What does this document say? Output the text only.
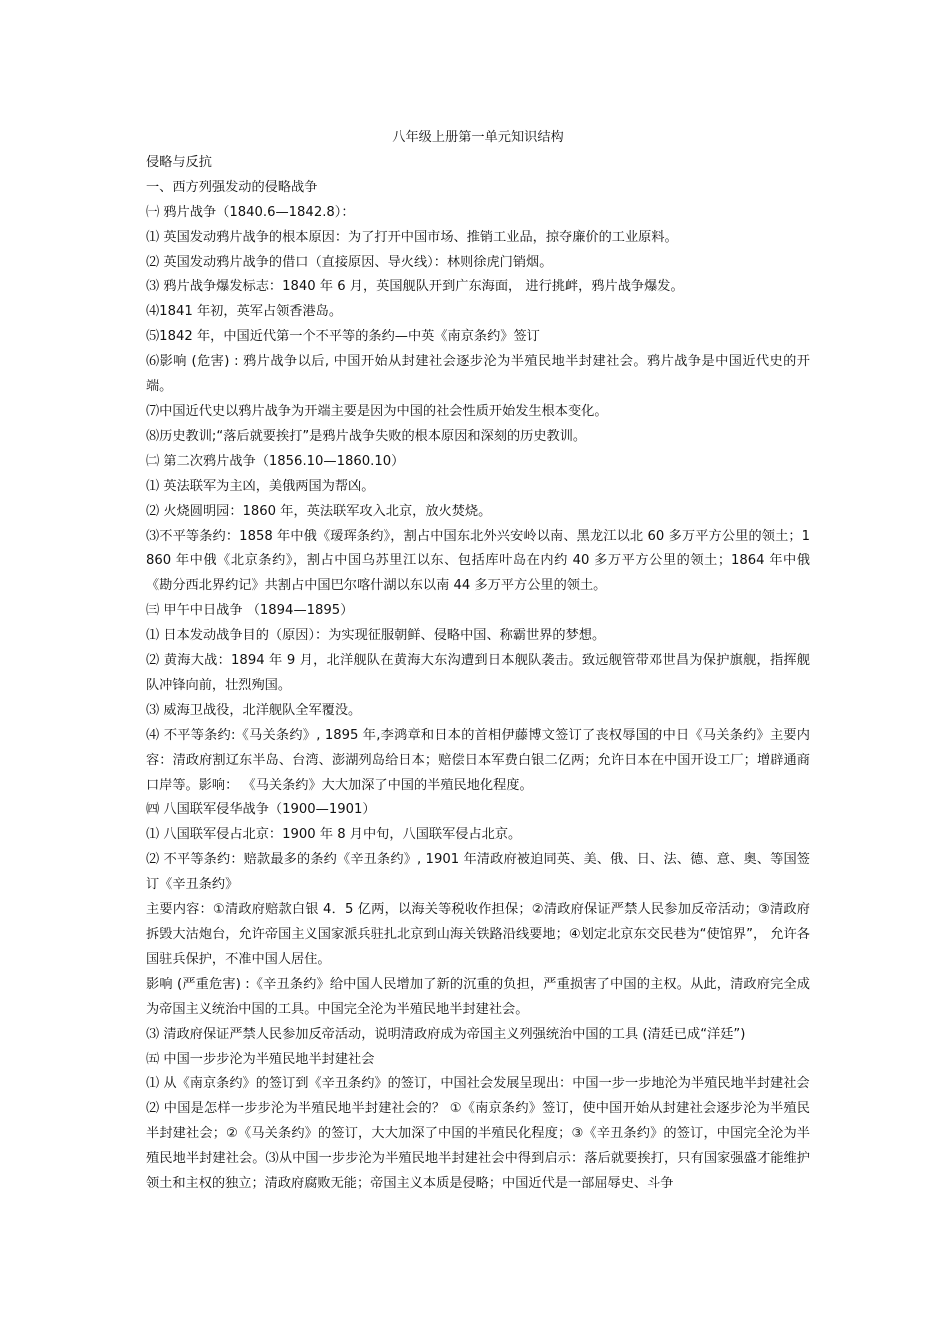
八年级上册第一单元知识结构

侵略与反抗

一、西方列强发动的侵略战争

㈠ 鸦片战争（1840.6—1842.8）：

⑴ 英国发动鸦片战争的根本原因：为了打开中国市场、推销工业品，掠夺廉价的工业原料。

⑵ 英国发动鸦片战争的借口（直接原因、导火线）：林则徐虎门销烟。

⑶ 鸦片战争爆发标志：1840 年 6 月，英国舰队开到广东海面， 进行挑衅，鸦片战争爆发。

⑷1841 年初，英军占领香港岛。

⑸1842 年，中国近代第一个不平等的条约—中英《南京条约》签订

⑹影响 (危害) : 鸦片战争以后, 中国开始从封建社会逐步沦为半殖民地半封建社会。鸦片战争是中国近代史的开端。

⑺中国近代史以鸦片战争为开端主要是因为中国的社会性质开始发生根本变化。

⑻历史教训;“落后就要挨打”是鸦片战争失败的根本原因和深刻的历史教训。

㈡ 第二次鸦片战争（1856.10—1860.10）

⑴ 英法联军为主凶，美俄两国为帮凶。

⑵ 火烧圆明园：1860 年，英法联军攻入北京，放火焚烧。

⑶不平等条约：1858 年中俄《瑷珲条约》，割占中国东北外兴安岭以南、黑龙江以北 60 多万平方公里的领土；1860 年中俄《北京条约》，割占中国乌苏里江以东、包括库叶岛在内约 40 多万平方公里的领土；1864 年中俄《勘分西北界约记》共割占中国巴尔喀什湖以东以南 44 多万平方公里的领土。

㈢ 甲午中日战争 （1894—1895）

⑴ 日本发动战争目的（原因）：为实现征服朝鲜、侵略中国、称霸世界的梦想。

⑵ 黄海大战：1894 年 9 月，北洋舰队在黄海大东沟遭到日本舰队袭击。致远舰管带邓世昌为保护旗舰，指挥舰队冲锋向前，壮烈殉国。

⑶ 威海卫战役，北洋舰队全军覆没。

⑷ 不平等条约:《马关条约》, 1895 年,李鸿章和日本的首相伊藤博文签订了丧权辱国的中日《马关条约》主要内容：清政府割辽东半岛、台湾、澎湖列岛给日本；赔偿日本军费白银二亿两；允许日本在中国开设工厂；增辟通商口岸等。影响： 《马关条约》大大加深了中国的半殖民地化程度。

㈣ 八国联军侵华战争（1900—1901）

⑴ 八国联军侵占北京：1900 年 8 月中旬，八国联军侵占北京。

⑵ 不平等条约：赔款最多的条约《辛丑条约》, 1901 年清政府被迫同英、美、俄、日、法、德、意、奥、等国签订《辛丑条约》

主要内容：①清政府赔款白银 4．5 亿两，以海关等税收作担保；②清政府保证严禁人民参加反帝活动；③清政府拆毁大沽炮台，允许帝国主义国家派兵驻扎北京到山海关铁路沿线要地；④划定北京东交民巷为“使馆界”， 允许各国驻兵保护，不准中国人居住。

影响 (严重危害) :《辛丑条约》给中国人民增加了新的沉重的负担，严重损害了中国的主权。从此，清政府完全成为帝国主义统治中国的工具。中国完全沦为半殖民地半封建社会。

⑶ 清政府保证严禁人民参加反帝活动，说明清政府成为帝国主义列强统治中国的工具 (清廷已成“洋廷”)

㈤ 中国一步步沦为半殖民地半封建社会

⑴ 从《南京条约》的签订到《辛丑条约》的签订，中国社会发展呈现出：中国一步一步地沦为半殖民地半封建社会

⑵ 中国是怎样一步步沦为半殖民地半封建社会的？ ①《南京条约》签订，使中国开始从封建社会逐步沦为半殖民半封建社会；②《马关条约》的签订，大大加深了中国的半殖民化程度；③《辛丑条约》的签订，中国完全沦为半殖民地半封建社会。⑶从中国一步步沦为半殖民地半封建社会中得到启示：落后就要挨打，只有国家强盛才能维护领土和主权的独立；清政府腐败无能；帝国主义本质是侵略；中国近代是一部屈辱史、斗争
